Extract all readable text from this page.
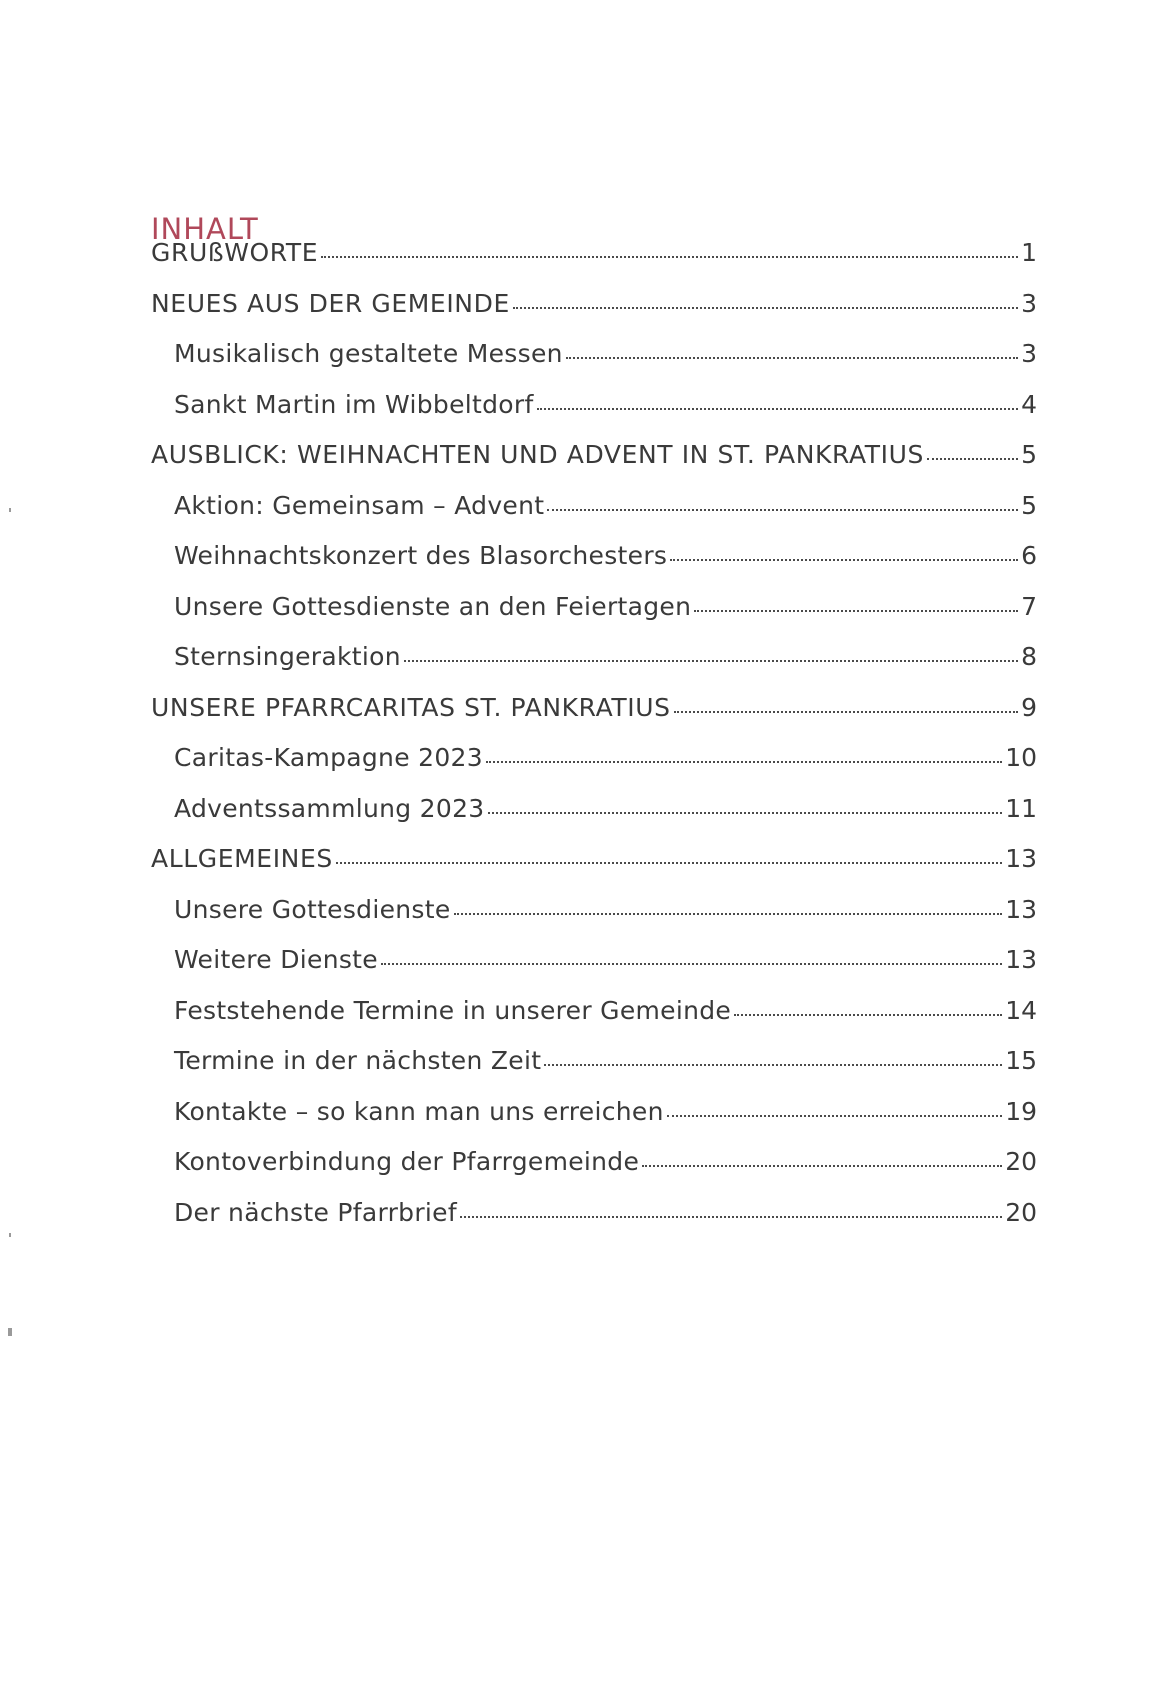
INHALT
GRUßWORTE	1
NEUES AUS DER GEMEINDE	3
Musikalisch gestaltete Messen	3
Sankt Martin im Wibbeltdorf	4
AUSBLICK: WEIHNACHTEN UND ADVENT IN ST. PANKRATIUS	5
Aktion: Gemeinsam – Advent	5
Weihnachtskonzert des Blasorchesters	6
Unsere Gottesdienste an den Feiertagen	7
Sternsingeraktion	8
UNSERE PFARRCARITAS ST. PANKRATIUS	9
Caritas-Kampagne 2023	10
Adventssammlung 2023	11
ALLGEMEINES	13
Unsere Gottesdienste	13
Weitere Dienste	13
Feststehende Termine in unserer Gemeinde	14
Termine in der nächsten Zeit	15
Kontakte – so kann man uns erreichen	19
Kontoverbindung der Pfarrgemeinde	20
Der nächste Pfarrbrief	20
